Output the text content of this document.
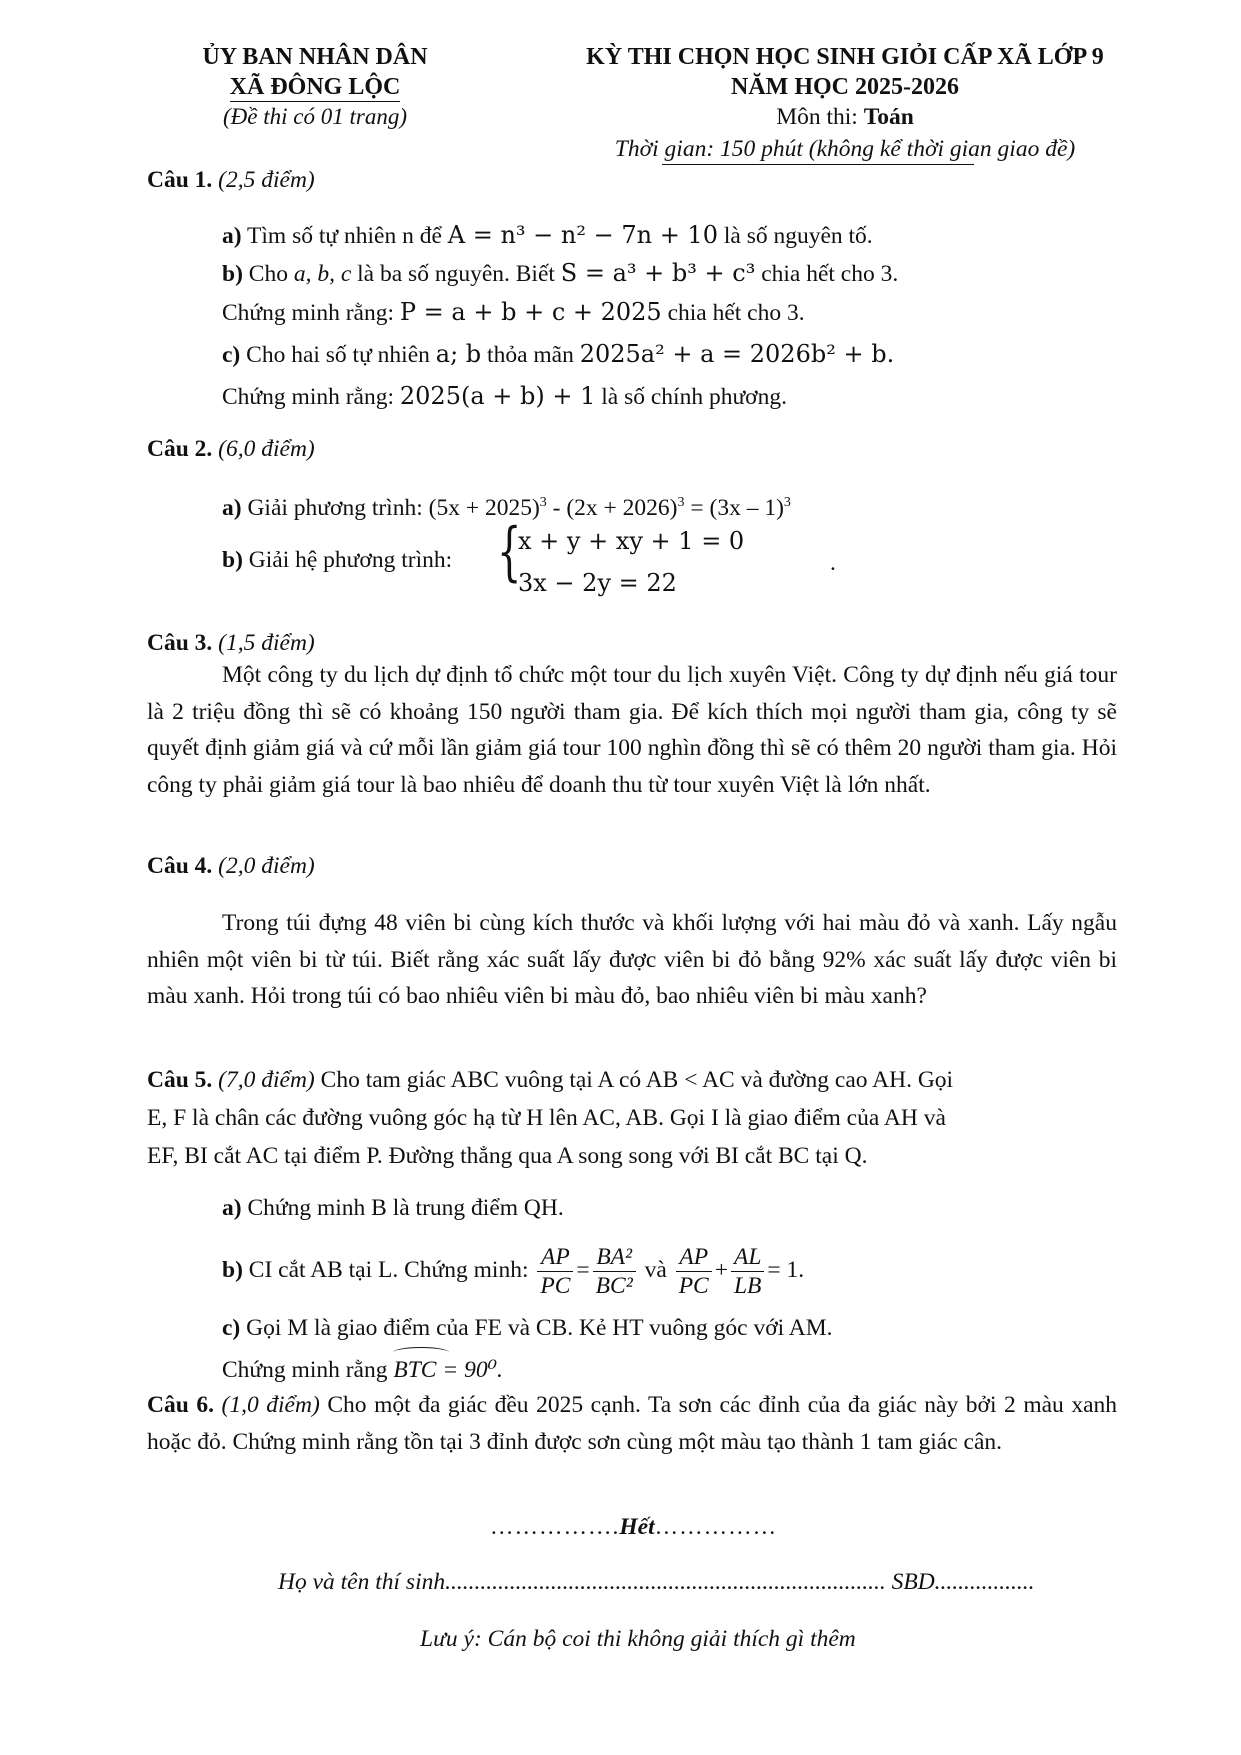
ỦY BAN NHÂN DÂN
XÃ ĐÔNG LỘC
(Đề thi có 01 trang)
KỲ THI CHỌN HỌC SINH GIỎI CẤP XÃ LỚP 9
NĂM HỌC 2025-2026
Môn thi: Toán
Thời gian: 150 phút (không kể thời gian giao đề)
Câu 1. (2,5 điểm)
a) Tìm số tự nhiên n để A = n³ − n² − 7n + 10 là số nguyên tố.
b) Cho a, b, c là ba số nguyên. Biết S = a³ + b³ + c³ chia hết cho 3.
Chứng minh rằng: P = a + b + c + 2025 chia hết cho 3.
c) Cho hai số tự nhiên a; b thỏa mãn 2025a² + a = 2026b² + b.
Chứng minh rằng: 2025(a + b) + 1 là số chính phương.
Câu 2. (6,0 điểm)
a) Giải phương trình: $(5x + 2025)^3 - (2x + 2026)^3 = (3x - 1)^3$
b) Giải hệ phương trình: {
x + y + xy + 1 = 0
3x − 2y = 22
.
Câu 3. (1,5 điểm)
Một công ty du lịch dự định tổ chức một tour du lịch xuyên Việt. Công ty dự định nếu giá tour là 2 triệu đồng thì sẽ có khoảng 150 người tham gia. Để kích thích mọi người tham gia, công ty sẽ quyết định giảm giá và cứ mỗi lần giảm giá tour 100 nghìn đồng thì sẽ có thêm 20 người tham gia. Hỏi công ty phải giảm giá tour là bao nhiêu để doanh thu từ tour xuyên Việt là lớn nhất.
Câu 4. (2,0 điểm)
Trong túi đựng 48 viên bi cùng kích thước và khối lượng với hai màu đỏ và xanh. Lấy ngẫu nhiên một viên bi từ túi. Biết rằng xác suất lấy được viên bi đỏ bằng 92% xác suất lấy được viên bi màu xanh. Hỏi trong túi có bao nhiêu viên bi màu đỏ, bao nhiêu viên bi màu xanh?
Câu 5. (7,0 điểm) Cho tam giác ABC vuông tại A có AB < AC và đường cao AH. Gọi
E, F là chân các đường vuông góc hạ từ H lên AC, AB. Gọi I là giao điểm của AH và
EF, BI cắt AC tại điểm P. Đường thẳng qua A song song với BI cắt BC tại Q.
a) Chứng minh B là trung điểm QH.
b) CI cắt AB tại L. Chứng minh: $\frac{AP}{PC} = \frac{\text{BA²}}{\text{BC²}}$ và $\frac{AP}{PC} + \frac{AL}{LB} = 1$.
c) Gọi M là giao điểm của FE và CB. Kẻ HT vuông góc với AM.
Chứng minh rằng BTC = 90⁰.
Câu 6. (1,0 điểm) Cho một đa giác đều 2025 cạnh. Ta sơn các đỉnh của đa giác này bởi 2 màu xanh hoặc đỏ. Chứng minh rằng tồn tại 3 đỉnh được sơn cùng một màu tạo thành 1 tam giác cân.
…………….Hết……………
Họ và tên thí sinh........................................................................... SBD.................
Lưu ý: Cán bộ coi thi không giải thích gì thêm
